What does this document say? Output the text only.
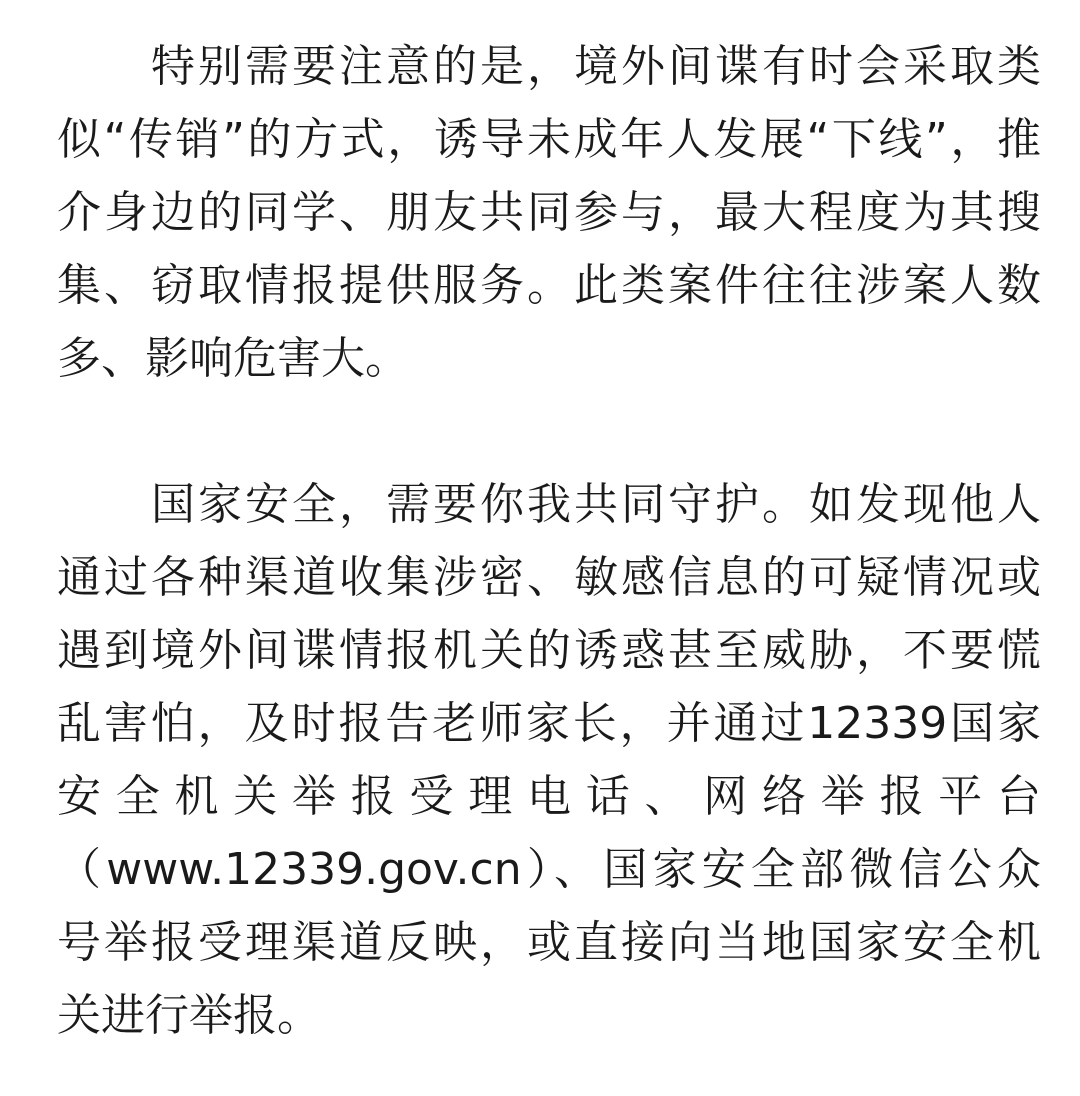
特别需要注意的是，境外间谍有时会采取类
似“传销”的方式，诱导未成年人发展“下线”，推
介身边的同学、朋友共同参与，最大程度为其搜
集、窃取情报提供服务。此类案件往往涉案人数
多、影响危害大。

国家安全，需要你我共同守护。如发现他人
通过各种渠道收集涉密、敏感信息的可疑情况或
遇到境外间谍情报机关的诱惑甚至威胁，不要慌
乱害怕，及时报告老师家长，并通过12339国家
安 全 机 关 举 报 受 理 电 话 、 网 络 举 报 平 台
（www.12339.gov.cn）、国家安全部微信公众
号举报受理渠道反映，或直接向当地国家安全机
关进行举报。
